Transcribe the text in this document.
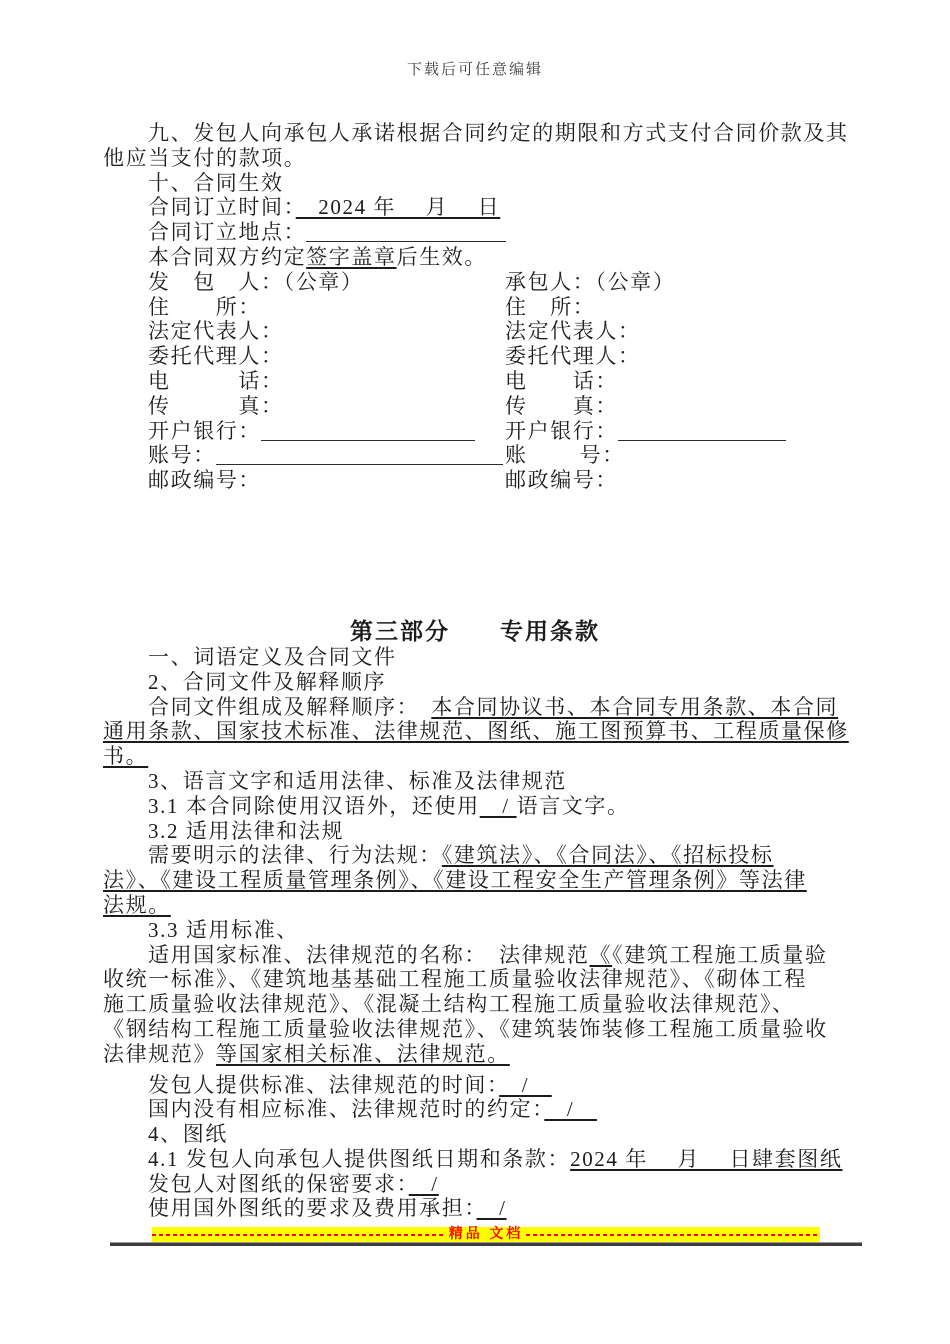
下载后可任意编辑
九、发包人向承包人承诺根据合同约定的期限和方式支付合同价款及其
他应当支付的款项。
十、合同生效
合同订立时间：　2024 年　 月　 日
合同订立地点：
本合同双方约定签字盖章后生效。
发　包　人：（公章）	承包人：（公章）
住　　所：	住　所：
法定代表人：	法定代表人：
委托代理人：	委托代理人：
电　　　话：	电　　话：
传　　　真：	传　　真：
开户银行：	开户银行：
账号：	账　　 号：
邮政编号：	邮政编号：
第三部分　　专用条款
一、词语定义及合同文件
2、合同文件及解释顺序
合同文件组成及解释顺序：　本合同协议书、本合同专用条款、本合同
通用条款、国家技术标准、法律规范、图纸、施工图预算书、工程质量保修
书。
3、语言文字和适用法律、标准及法律规范
3.1 本合同除使用汉语外，还使用　/ 语言文字。
3.2 适用法律和法规
需要明示的法律、行为法规：《建筑法》、《合同法》、《招标投标
法》、《建设工程质量管理条例》、《建设工程安全生产管理条例》等法律
法规。
3.3 适用标准、
适用国家标准、法律规范的名称：　法律规范《《建筑工程施工质量验
收统一标准》、《建筑地基基础工程施工质量验收法律规范》、《砌体工程
施工质量验收法律规范》、《混凝土结构工程施工质量验收法律规范》、
《钢结构工程施工质量验收法律规范》、《建筑装饰装修工程施工质量验收
法律规范》等国家相关标准、法律规范。
发包人提供标准、法律规范的时间：　/　
国内没有相应标准、法律规范时的约定：　/　
4、图纸
4.1 发包人向承包人提供图纸日期和条款：2024 年　 月　 日肆套图纸
发包人对图纸的保密要求：　/
使用国外图纸的要求及费用承担：　/
精品 文档
